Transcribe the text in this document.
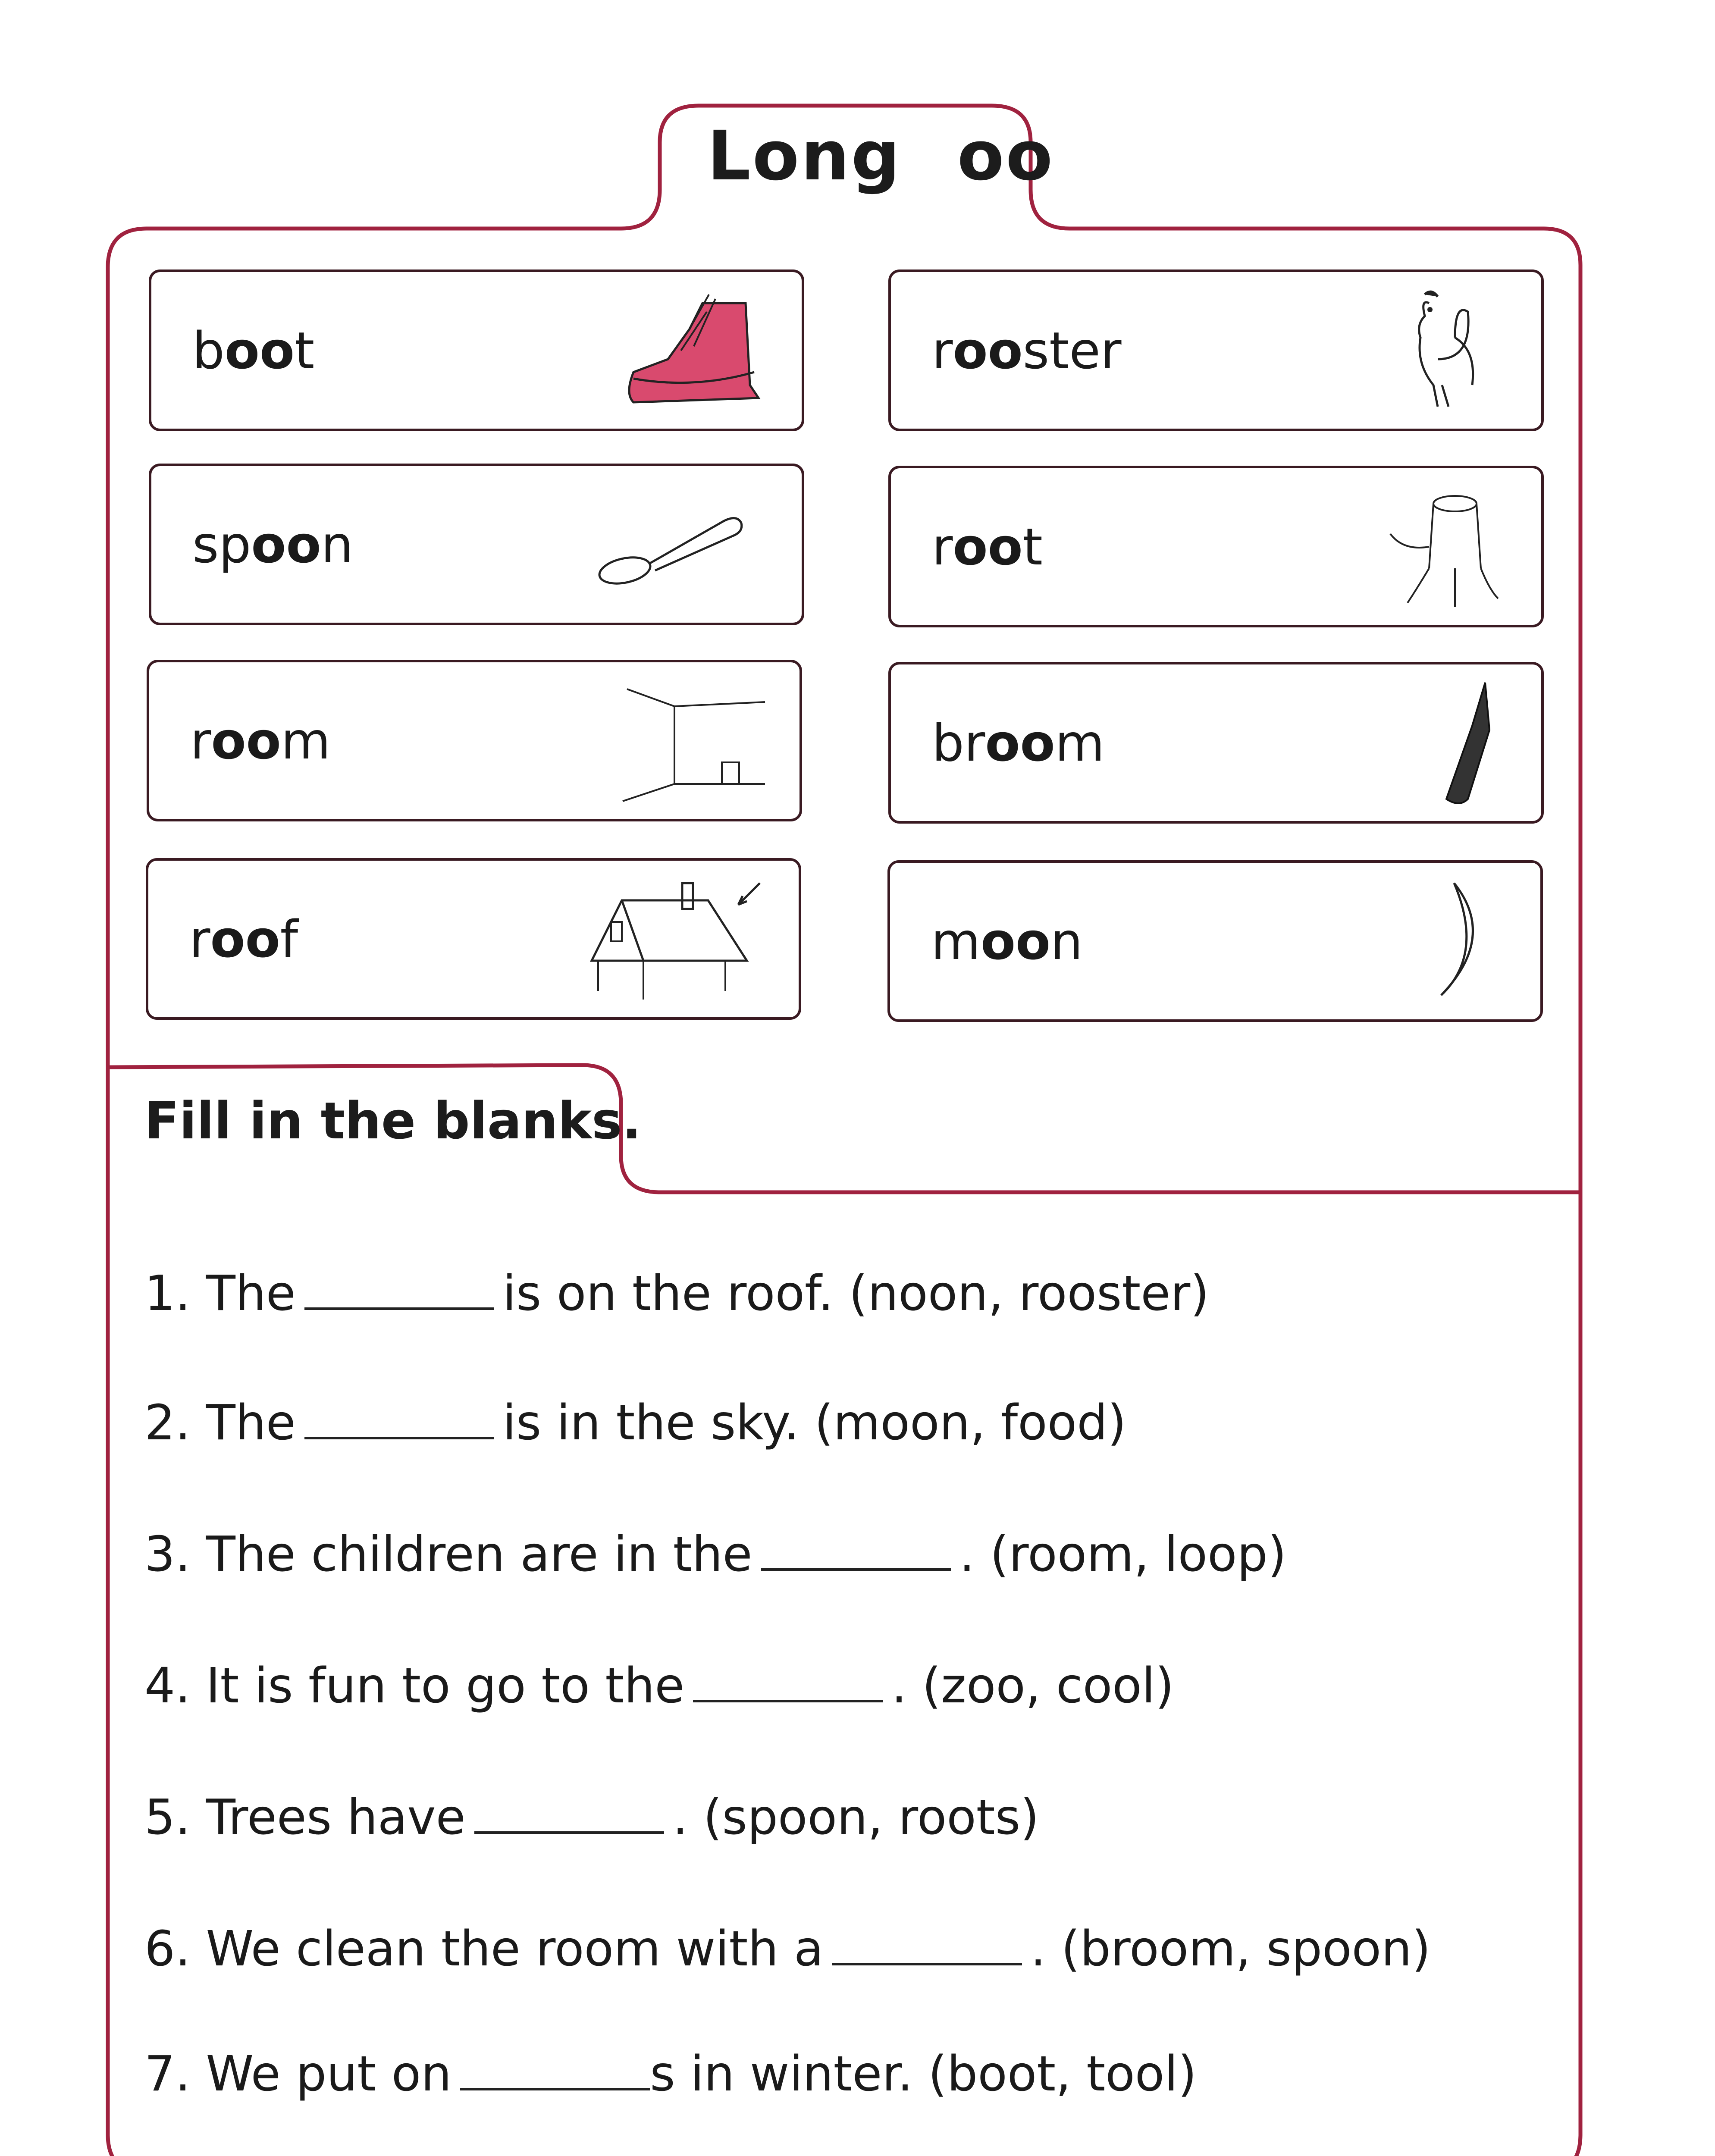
Long oo
boot	rooster
spoon	root
room	broom
roof	moon
Fill in the blanks.
1. The	is on the roof. (noon, rooster)
2. The	is in the sky. (moon, food)
3. The children are in the	. (room, loop)
4. It is fun to go to the	. (zoo, cool)
5. Trees have	. (spoon, roots)
6. We clean the room with a	. (broom, spoon)
7. We put on	s in winter. (boot, tool)
